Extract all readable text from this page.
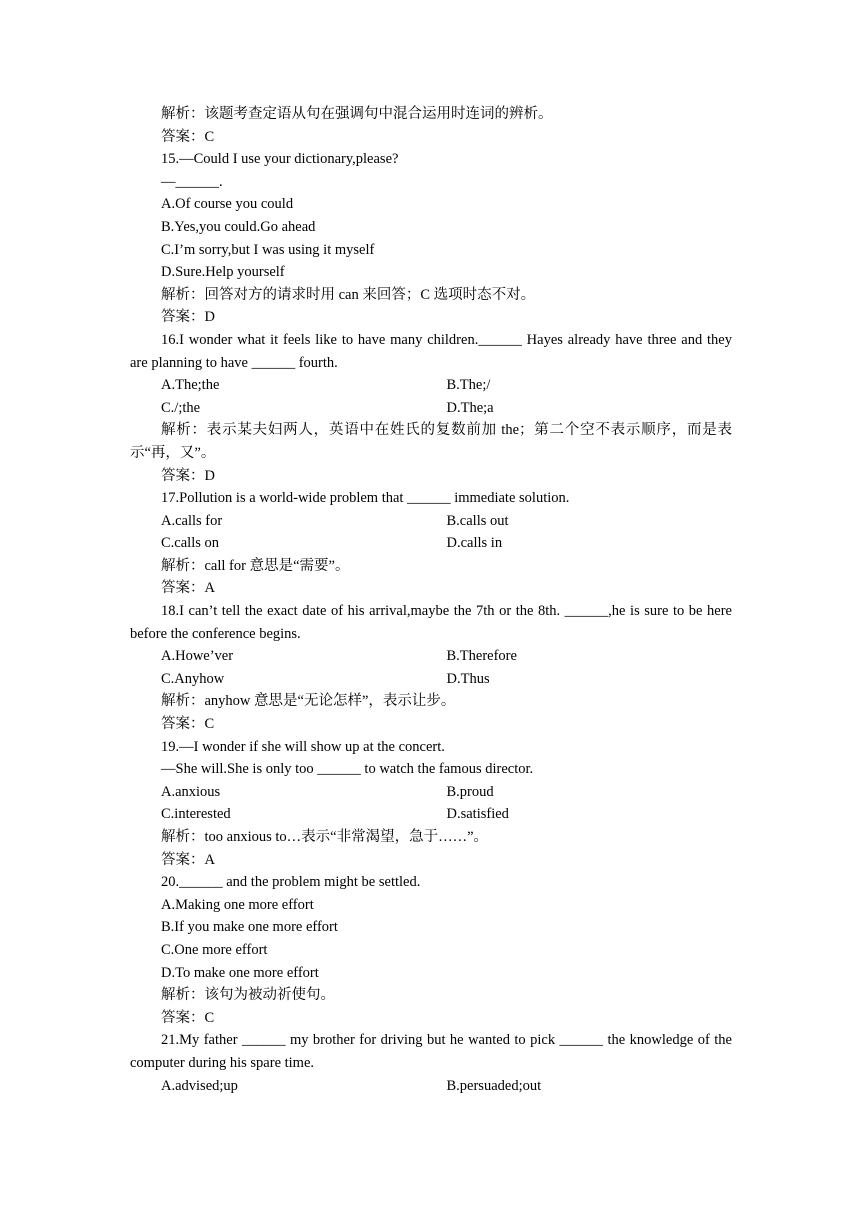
解析：该题考查定语从句在强调句中混合运用时连词的辨析。
答案：C
15.—Could I use your dictionary,please?
—______.
A.Of course you could
B.Yes,you could.Go ahead
C.I’m sorry,but I was using it myself
D.Sure.Help yourself
解析：回答对方的请求时用 can 来回答；C 选项时态不对。
答案：D
16.I wonder what it feels like to have many children.______ Hayes already have three and they are planning to have ______ fourth.
A.The;the	B.The;/
C./;the	D.The;a
解析：表示某夫妇两人，英语中在姓氏的复数前加 the；第二个空不表示顺序，而是表示“再，又”。
答案：D
17.Pollution is a world-wide problem that ______ immediate solution.
A.calls for	B.calls out
C.calls on	D.calls in
解析：call for 意思是“需要”。
答案：A
18.I can’t tell the exact date of his arrival,maybe the 7th or the 8th. ______,he is sure to be here before the conference begins.
A.Howe’ver	B.Therefore
C.Anyhow	D.Thus
解析：anyhow 意思是“无论怎样”，表示让步。
答案：C
19.—I wonder if she will show up at the concert.
—She will.She is only too ______ to watch the famous director.
A.anxious	B.proud
C.interested	D.satisfied
解析：too anxious to…表示“非常渴望，急于……”。
答案：A
20.______ and the problem might be settled.
A.Making one more effort
B.If you make one more effort
C.One more effort
D.To make one more effort
解析：该句为被动祈使句。
答案：C
21.My father ______ my brother for driving but he wanted to pick ______ the knowledge of the computer during his spare time.
A.advised;up	B.persuaded;out
